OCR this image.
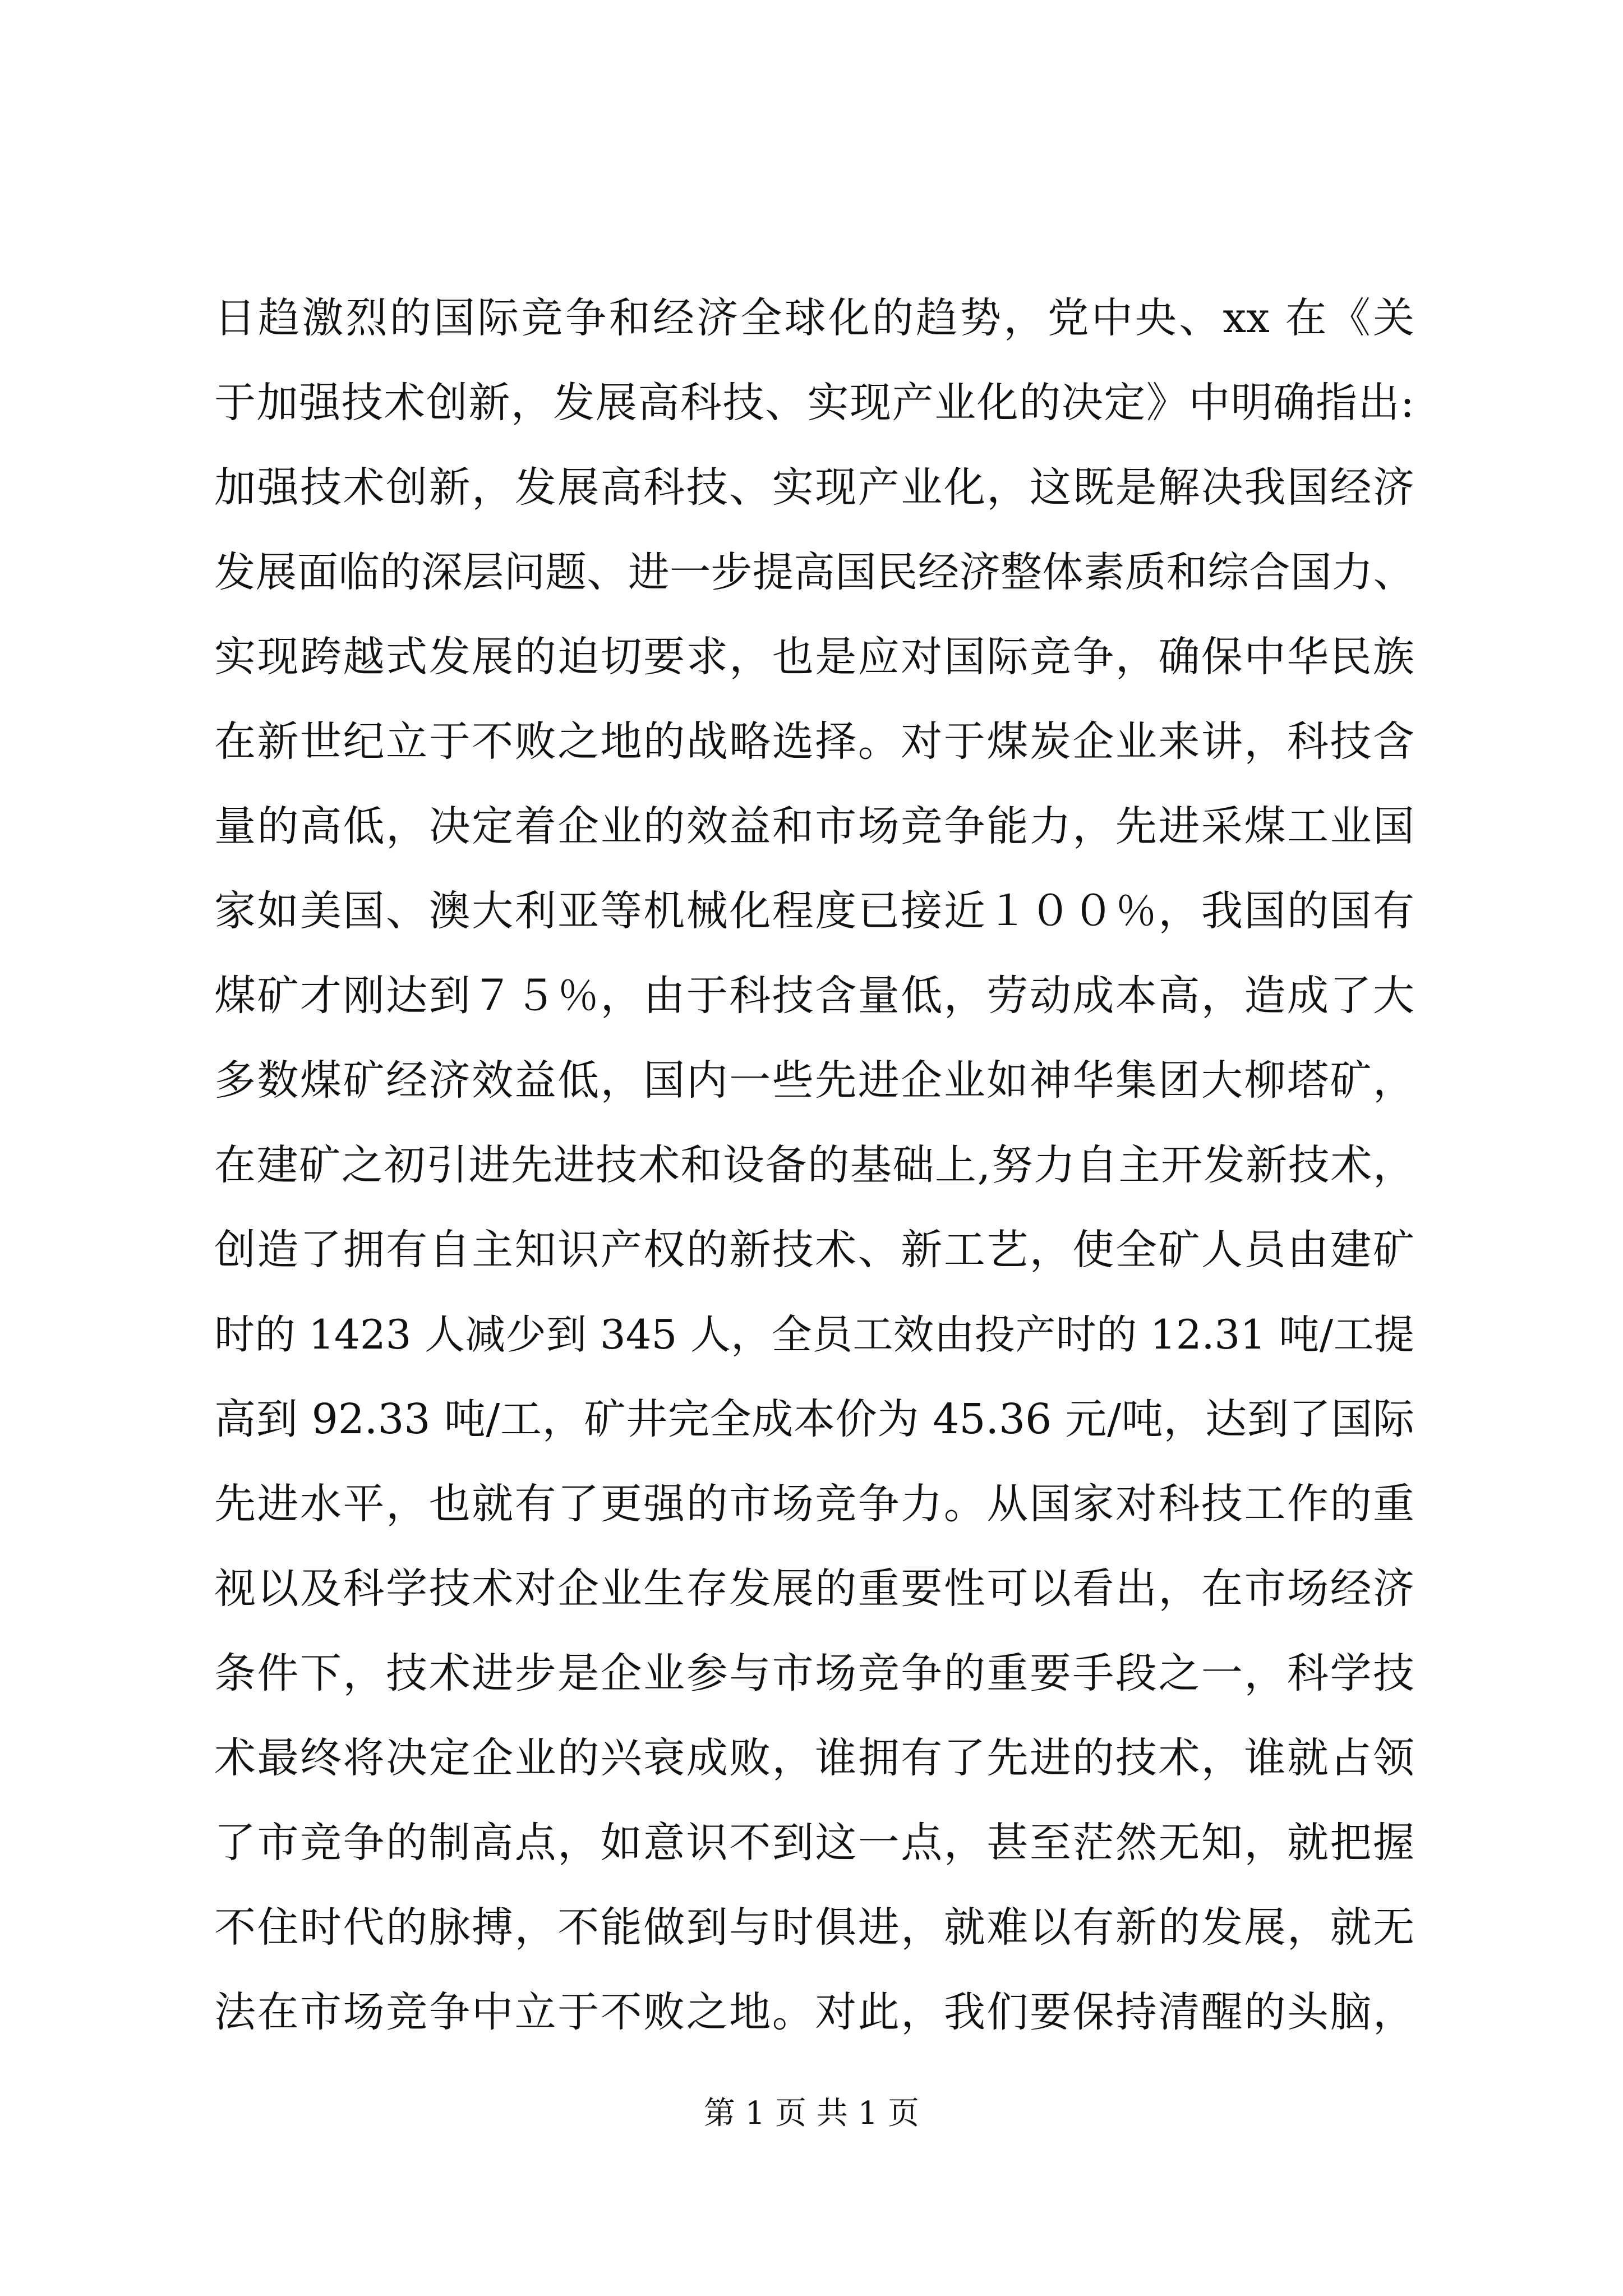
日趋激烈的国际竞争和经济全球化的趋势，党中央、xx 在《关
于加强技术创新，发展高科技、实现产业化的决定》中明确指出:
加强技术创新，发展高科技、实现产业化，这既是解决我国经济
发展面临的深层问题、进一步提高国民经济整体素质和综合国力、
实现跨越式发展的迫切要求，也是应对国际竞争，确保中华民族
在新世纪立于不败之地的战略选择。对于煤炭企业来讲，科技含
量的高低，决定着企业的效益和市场竞争能力，先进采煤工业国
家如美国、澳大利亚等机械化程度已接近１００％，我国的国有
煤矿才刚达到７５％，由于科技含量低，劳动成本高，造成了大
多数煤矿经济效益低，国内一些先进企业如神华集团大柳塔矿，
在建矿之初引进先进技术和设备的基础上,努力自主开发新技术，
创造了拥有自主知识产权的新技术、新工艺，使全矿人员由建矿
时的 1423 人减少到 345 人，全员工效由投产时的 12.31 吨/工提
高到 92.33 吨/工，矿井完全成本价为 45.36 元/吨，达到了国际
先进水平，也就有了更强的市场竞争力。从国家对科技工作的重
视以及科学技术对企业生存发展的重要性可以看出，在市场经济
条件下，技术进步是企业参与市场竞争的重要手段之一，科学技
术最终将决定企业的兴衰成败，谁拥有了先进的技术，谁就占领
了市竞争的制高点，如意识不到这一点，甚至茫然无知，就把握
不住时代的脉搏，不能做到与时俱进，就难以有新的发展，就无
法在市场竞争中立于不败之地。对此，我们要保持清醒的头脑，
第 1 页 共 1 页
